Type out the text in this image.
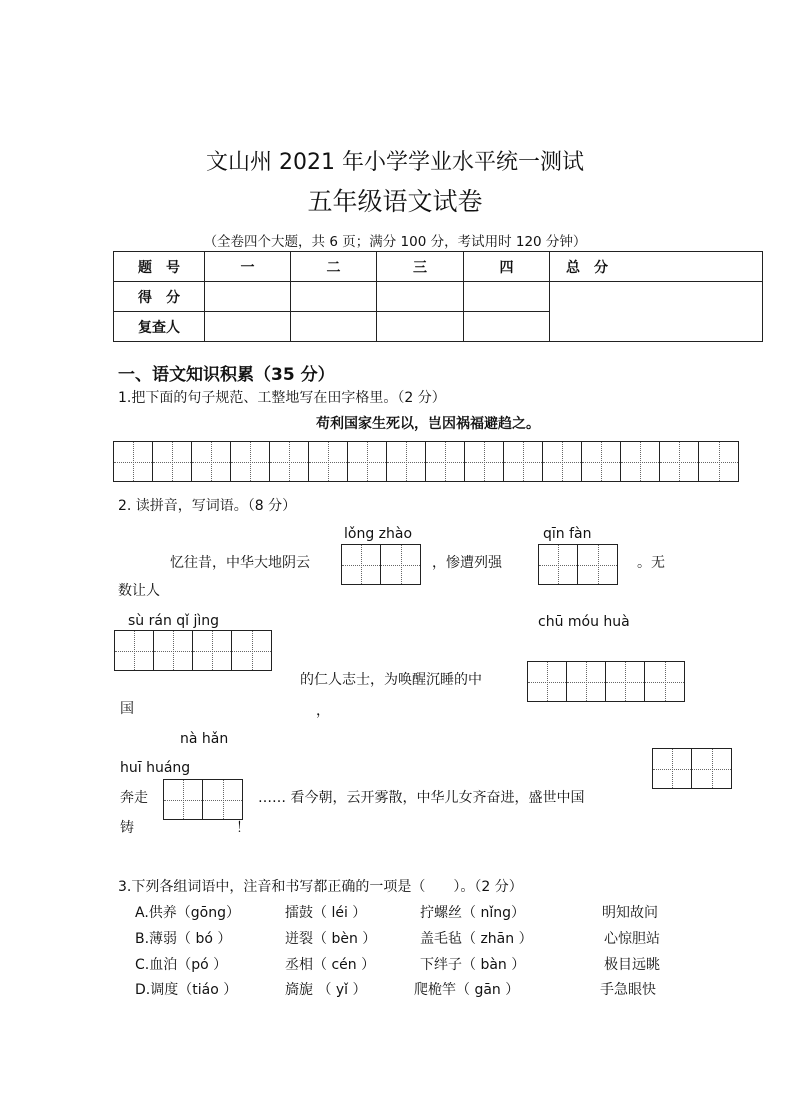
文山州 2021 年小学学业水平统一测试
五年级语文试卷
（全卷四个大题，共 6 页；满分 100 分，考试用时 120 分钟）
题　号	一	二	三	四	总　分
得　分					
复查人					
一、语文知识积累（35 分）
1.把下面的句子规范、工整地写在田字格里。（2 分）
苟利国家生死以，岂因祸福避趋之。
2. 读拼音，写词语。（8 分）
lǒng zhào	qīn fàn
忆往昔，中华大地阴云	，惨遭列强	。无
数让人
sù rán qǐ jìng	chū móu huà
的仁人志士，为唤醒沉睡的中
国	，
nà hǎn
huī huáng
奔走	…… 看今朝，云开雾散，中华儿女齐奋进，盛世中国
铸	！
3.下列各组词语中，注音和书写都正确的一项是（　　）。（2 分）
A.供养（gōng）	擂鼓（ léi ）	拧螺丝（ nǐng）	明知故问
B.薄弱（ bó ）	迸裂（ bèn ）	盖毛毡（ zhān ）	心惊胆站
C.血泊（pó ）	丞相（ cén ）	下绊子（ bàn ）	极目远眺
D.调度（tiáo ）	旖旎 （ yǐ ）	爬桅竿（ gān ）	手急眼快
